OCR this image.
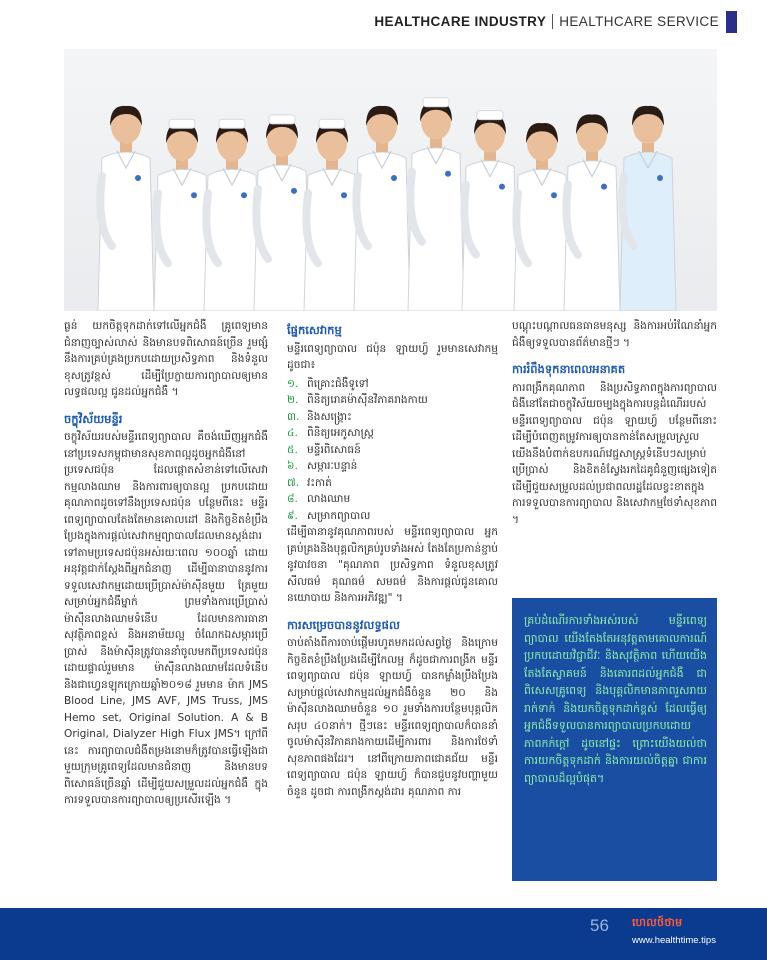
HEALTHCARE INDUSTRY HEALTHCARE SERVICE

ធ្ងន់ យកចិត្តទុកដាក់ទៅលើអ្នកជំងឺ គ្រូពេទ្យមានជំនាញច្បាស់លាស់ និងមានបទពិសោធន៍ច្រើន រួមផ្សំនឹងការគ្រប់គ្រងប្រកបដោយប្រសិទ្ធភាព និងទំនួលខុសត្រូវខ្ពស់ ដើម្បីប្រែក្លាយការព្យាបាលឲ្យមានលទ្ធផលល្អ ជូនដល់អ្នកជំងឺ ។

ចក្ខុវិស័យមន្ទីរ

ចក្ខុវិស័យរបស់មន្ទីរពេទ្យព្យាបាល គឺចង់ឃើញអ្នកជំងឺនៅប្រទេសកម្ពុជាមានសុខភាពល្អដូចអ្នកជំងឺនៅប្រទេសជប៉ុន ដែលផ្តោតសំខាន់ទៅលើសេវាកម្មលាងឈាម និងការពារឲ្យបានល្អ ប្រកបដោយគុណភាពដូចទៅនឹងប្រទេសជប៉ុន បន្ថែមពីនេះ មន្ទីរពេទ្យព្យាបាលតែងតែមានគោលដៅ និងកិច្ចខិតខំប្រឹងប្រែងក្នុងការផ្តល់សេវាកម្មព្យាបាលដែលមានស្តង់ដារ ទៅតាមប្រទេសជប៉ុនអស់រយៈពេល ១០០ឆ្នាំ ដោយអនុវត្តជាក់ស្តែងពីអ្នកជំនាញ ដើម្បីធានាបាននូវការទទួលសេវាកម្មដោយប្រើប្រាស់ម៉ាស៊ីនមួយ ត្រែមួយ សម្រាប់អ្នកជំងឺម្នាក់ ព្រមទាំងការប្រើប្រាស់ម៉ាស៊ីនលាងឈាមទំនើប ដែលមានការធានាសុវត្ថិភាពខ្ពស់ និងអនាម័យល្អ ចំណែកឯសម្ភារប្រើប្រាស់ និងម៉ាស៊ីនត្រូវបាននាំចូលមកពីប្រទេសជប៉ុន ដោយផ្ទាល់រួមមាន ម៉ាស៊ីនលាងឈាមដែលទំនើប និងជាហ្វេនឡុកក្រោយឆ្នាំ២០១៨ រួមមាន ម៉ាក JMS Blood Line, JMS AVF, JMS Truss, JMS Hemo set, Original Solution. A & B Original, Dialyzer High Flux JMS។ ក្រៅពីនេះ ការព្យាបាលជំងឺតម្រងនោមក៏ត្រូវបានធ្វើឡើងជាមួយក្រុមគ្រូពេទ្យដែលមានជំនាញ និងមានបទពិសោធន៍ច្រើនឆ្នាំ ដើម្បីជួយសម្រួលដល់អ្នកជំងឺ ក្នុងការទទួលបានការព្យាបាលឲ្យប្រសើរឡើង ។

ផ្នែកសេវាកម្ម

មន្ទីរពេទ្យព្យាបាល ជប៉ុន ឡាយហ្វ៍ រួមមានសេវាកម្មដូចជា៖

១. ពិគ្រោះជំងឺទូទៅ
២. ពិនិត្យរោគម៉ាស៊ីនវិភាគរាងកាយ
៣. និងសង្គ្រោះ
៤. ពិនិត្យអេកូសាស្ត្រ
៥. មន្ទីរពិសោធន៍
៦. សម្ភារៈបន្ទាន់
៧. វះកាត់
៨. លាងឈាម
៩. សម្រាកព្យាបាល

ដើម្បីធានានូវគុណភាពរបស់ មន្ទីរពេទ្យព្យាបាល អ្នកគ្រប់គ្រងនិងបុគ្គលិកគ្រប់រូបទាំងអស់ តែងតែប្រកាន់ខ្ជាប់នូវបាវចនា "គុណភាព ប្រសិទ្ធភាព ទំនួលខុសត្រូវ សីលធម៌ គុណធម៌ សមធម៌ និងការផ្តល់ជូនគោលនយោបាយ និងការអភិវឌ្ឍ" ។

ការសម្រេចបាននូវលទ្ធផល

ចាប់តាំងពីការចាប់ផ្តើមរហូតមកដល់សព្វថ្ងៃ និងក្រោមកិច្ចខិតខំប្រឹងប្រែងដើម្បីកែលម្អ ក៏ដូចជាការពង្រីក មន្ទីរពេទ្យព្យាបាល ជប៉ុន ឡាយហ្វ៍ បានកម្លាំងប្រឹងប្រែងសម្រាប់ផ្តល់សេវាកម្មដល់អ្នកជំងឺចំនួន ២០ និងម៉ាស៊ីនលាងឈាមចំនួន ១០ រួមទាំងការបន្ថែមបុគ្គលិកសរុប ៤០នាក់។ ថ្មីៗនេះ មន្ទីរពេទ្យព្យាបាលក៏បាននាំចូលម៉ាស៊ីនវិភាគរាងកាយដើម្បីការពារ និងការថែទាំសុខភាពផងដែរ។ នៅពីក្រោយភាពជោគជ័យ មន្ទីរពេទ្យព្យាបាល ជប៉ុន ឡាយហ្វ៍ ក៏បានជួបនូវបញ្ហាមួយចំនួន ដូចជា ការពង្រីកស្តង់ដារ គុណភាព ការ

បណ្តុះបណ្តាលធនធានមនុស្ស និងការអប់រំណែនាំអ្នកជំងឺឲ្យទទួលបានព័ត៌មានថ្មីៗ ។

ការរំពឹងទុកនាពេលអនាគត

ការពង្រីកគុណភាព និងប្រសិទ្ធភាពក្នុងការព្យាបាលជំងឺនៅតែជាចក្ខុវិស័យចម្បងក្នុងការបន្តដំណើររបស់មន្ទីរពេទ្យព្យាបាល ជប៉ុន ឡាយហ្វ៍ បន្ថែមពីនោះ ដើម្បីបំពេញតម្រូវការឲ្យបានកាន់តែសម្រួលស្រួល យើងនឹងបំពាក់ឧបករណ៍វេជ្ជសាស្ត្រទំនើបៗសម្រាប់ប្រើប្រាស់ និងខិតខំស្វែងរកដៃគូជំនួញផ្សេងទៀតដើម្បីជួយសម្រួលដល់ប្រជាពលរដ្ឋដែលខ្វះខាតក្នុងការទទួលបានការព្យាបាល និងសេវាកម្មថែទាំសុខភាព ។

គ្រប់ដំណើរការទាំងអស់របស់ មន្ទីរពេទ្យព្យាបាល យើងតែងតែអនុវត្តតាមគោលការណ៍ប្រកបដោយវិជ្ជាជីវៈ និងសុវត្ថិភាព ហើយយើងតែងតែស្វាគមន៍ និងគោរពដល់អ្នកជំងឺ ជាពិសេសគ្រូពេទ្យ និងបុគ្គលិកមានភាពរួសរាយរាក់ទាក់ និងយកចិត្តទុកដាក់ខ្ពស់ ដែលធ្វើឲ្យអ្នកជំងឺទទួលបានការព្យាបាលប្រកបដោយភាពកក់ក្តៅ ដូចនៅផ្ទះ ព្រោះយើងយល់ថា ការយកចិត្តទុកដាក់ និងការយល់ចិត្តគ្នា ជាការព្យាបាលដ៏ល្អបំផុត។

56 ហេលថ៍ថាម
www.healthtime.tips
